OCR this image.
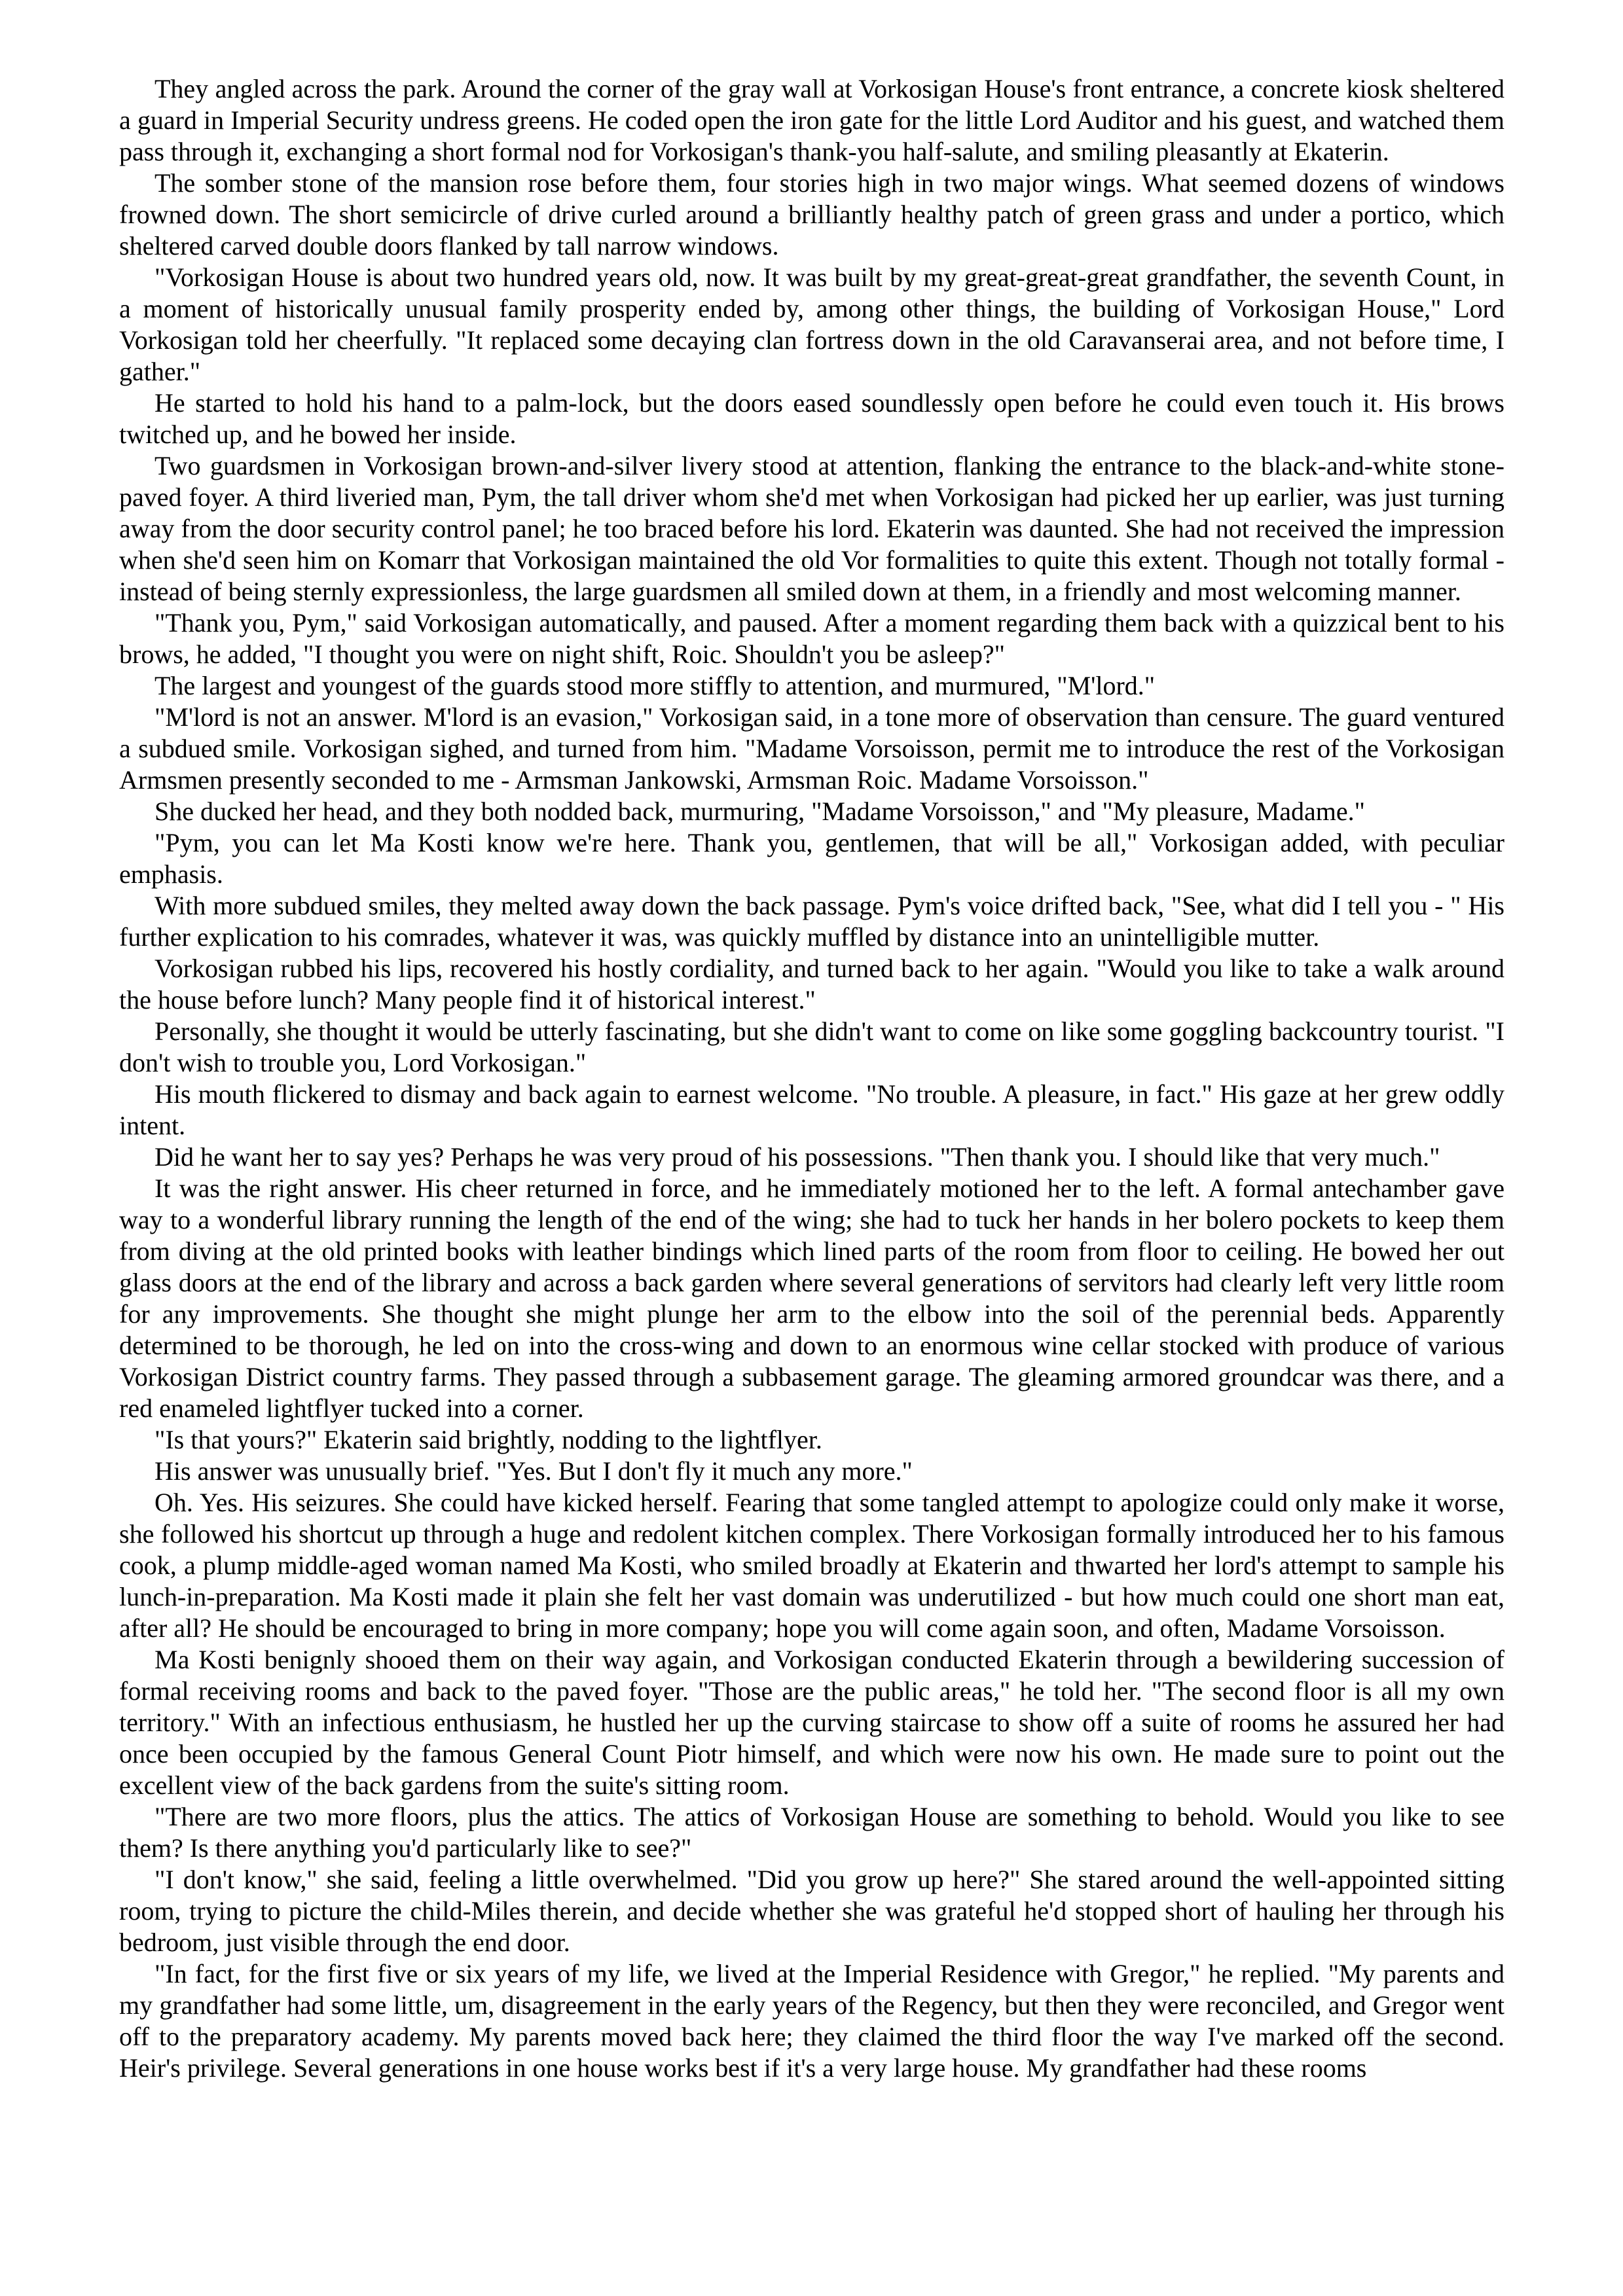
They angled across the park. Around the corner of the gray wall at Vorkosigan House's front entrance, a concrete kiosk sheltered a guard in Imperial Security undress greens. He coded open the iron gate for the little Lord Auditor and his guest, and watched them pass through it, exchanging a short formal nod for Vorkosigan's thank-you half-salute, and smiling pleasantly at Ekaterin.

The somber stone of the mansion rose before them, four stories high in two major wings. What seemed dozens of windows frowned down. The short semicircle of drive curled around a brilliantly healthy patch of green grass and under a portico, which sheltered carved double doors flanked by tall narrow windows.

"Vorkosigan House is about two hundred years old, now. It was built by my great-great-great grandfather, the seventh Count, in a moment of historically unusual family prosperity ended by, among other things, the building of Vorkosigan House," Lord Vorkosigan told her cheerfully. "It replaced some decaying clan fortress down in the old Caravanserai area, and not before time, I gather."

He started to hold his hand to a palm-lock, but the doors eased soundlessly open before he could even touch it. His brows twitched up, and he bowed her inside.

Two guardsmen in Vorkosigan brown-and-silver livery stood at attention, flanking the entrance to the black-and-white stone-paved foyer. A third liveried man, Pym, the tall driver whom she'd met when Vorkosigan had picked her up earlier, was just turning away from the door security control panel; he too braced before his lord. Ekaterin was daunted. She had not received the impression when she'd seen him on Komarr that Vorkosigan maintained the old Vor formalities to quite this extent. Though not totally formal - instead of being sternly expressionless, the large guardsmen all smiled down at them, in a friendly and most welcoming manner.

"Thank you, Pym," said Vorkosigan automatically, and paused. After a moment regarding them back with a quizzical bent to his brows, he added, "I thought you were on night shift, Roic. Shouldn't you be asleep?"

The largest and youngest of the guards stood more stiffly to attention, and murmured, "M'lord."

"M'lord is not an answer. M'lord is an evasion," Vorkosigan said, in a tone more of observation than censure. The guard ventured a subdued smile. Vorkosigan sighed, and turned from him. "Madame Vorsoisson, permit me to introduce the rest of the Vorkosigan Armsmen presently seconded to me - Armsman Jankowski, Armsman Roic. Madame Vorsoisson."

She ducked her head, and they both nodded back, murmuring, "Madame Vorsoisson," and "My pleasure, Madame."

"Pym, you can let Ma Kosti know we're here. Thank you, gentlemen, that will be all," Vorkosigan added, with peculiar emphasis.

With more subdued smiles, they melted away down the back passage. Pym's voice drifted back, "See, what did I tell you - " His further explication to his comrades, whatever it was, was quickly muffled by distance into an unintelligible mutter.

Vorkosigan rubbed his lips, recovered his hostly cordiality, and turned back to her again. "Would you like to take a walk around the house before lunch? Many people find it of historical interest."

Personally, she thought it would be utterly fascinating, but she didn't want to come on like some goggling backcountry tourist. "I don't wish to trouble you, Lord Vorkosigan."

His mouth flickered to dismay and back again to earnest welcome. "No trouble. A pleasure, in fact." His gaze at her grew oddly intent.

Did he want her to say yes? Perhaps he was very proud of his possessions. "Then thank you. I should like that very much."

It was the right answer. His cheer returned in force, and he immediately motioned her to the left. A formal antechamber gave way to a wonderful library running the length of the end of the wing; she had to tuck her hands in her bolero pockets to keep them from diving at the old printed books with leather bindings which lined parts of the room from floor to ceiling. He bowed her out glass doors at the end of the library and across a back garden where several generations of servitors had clearly left very little room for any improvements. She thought she might plunge her arm to the elbow into the soil of the perennial beds. Apparently determined to be thorough, he led on into the cross-wing and down to an enormous wine cellar stocked with produce of various Vorkosigan District country farms. They passed through a subbasement garage. The gleaming armored groundcar was there, and a red enameled lightflyer tucked into a corner.

"Is that yours?" Ekaterin said brightly, nodding to the lightflyer.

His answer was unusually brief. "Yes. But I don't fly it much any more."

Oh. Yes. His seizures. She could have kicked herself. Fearing that some tangled attempt to apologize could only make it worse, she followed his shortcut up through a huge and redolent kitchen complex. There Vorkosigan formally introduced her to his famous cook, a plump middle-aged woman named Ma Kosti, who smiled broadly at Ekaterin and thwarted her lord's attempt to sample his lunch-in-preparation. Ma Kosti made it plain she felt her vast domain was underutilized - but how much could one short man eat, after all? He should be encouraged to bring in more company; hope you will come again soon, and often, Madame Vorsoisson.

Ma Kosti benignly shooed them on their way again, and Vorkosigan conducted Ekaterin through a bewildering succession of formal receiving rooms and back to the paved foyer. "Those are the public areas," he told her. "The second floor is all my own territory." With an infectious enthusiasm, he hustled her up the curving staircase to show off a suite of rooms he assured her had once been occupied by the famous General Count Piotr himself, and which were now his own. He made sure to point out the excellent view of the back gardens from the suite's sitting room.

"There are two more floors, plus the attics. The attics of Vorkosigan House are something to behold. Would you like to see them? Is there anything you'd particularly like to see?"

"I don't know," she said, feeling a little overwhelmed. "Did you grow up here?" She stared around the well-appointed sitting room, trying to picture the child-Miles therein, and decide whether she was grateful he'd stopped short of hauling her through his bedroom, just visible through the end door.

"In fact, for the first five or six years of my life, we lived at the Imperial Residence with Gregor," he replied. "My parents and my grandfather had some little, um, disagreement in the early years of the Regency, but then they were reconciled, and Gregor went off to the preparatory academy. My parents moved back here; they claimed the third floor the way I've marked off the second. Heir's privilege. Several generations in one house works best if it's a very large house. My grandfather had these rooms
